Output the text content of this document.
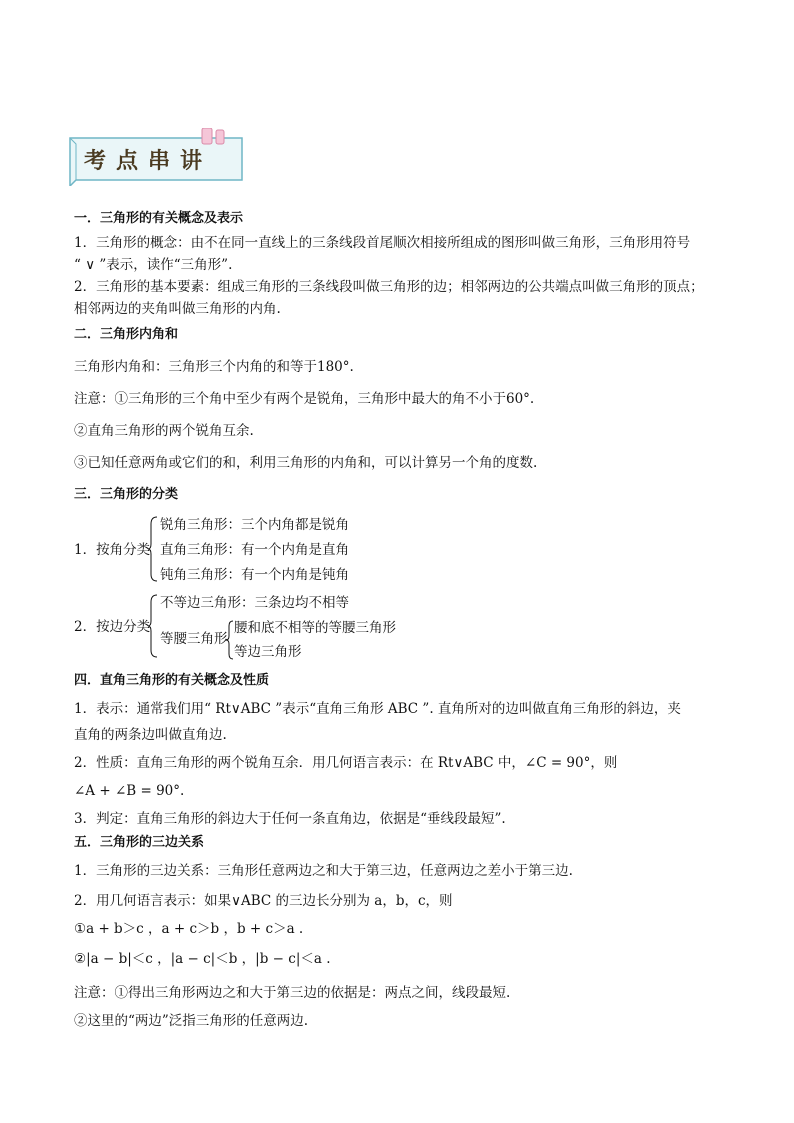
考点串讲
一．三角形的有关概念及表示
1．三角形的概念：由不在同一直线上的三条线段首尾顺次相接所组成的图形叫做三角形，三角形用符号
“ ∨ ”表示，读作“三角形”.
2．三角形的基本要素：组成三角形的三条线段叫做三角形的边；相邻两边的公共端点叫做三角形的顶点；
相邻两边的夹角叫做三角形的内角.
二．三角形内角和
三角形内角和：三角形三个内角的和等于180°.
注意：①三角形的三个角中至少有两个是锐角，三角形中最大的角不小于60°.
②直角三角形的两个锐角互余.
③已知任意两角或它们的和，利用三角形的内角和，可以计算另一个角的度数.
三．三角形的分类
1．按角分类
锐角三角形：三个内角都是锐角
直角三角形：有一个内角是直角
钝角三角形：有一个内角是钝角
2．按边分类
不等边三角形：三条边均不相等
等腰三角形
腰和底不相等的等腰三角形
等边三角形
四．直角三角形的有关概念及性质
1．表示：通常我们用“ Rt∨ABC ”表示“直角三角形 ABC ”. 直角所对的边叫做直角三角形的斜边，夹
直角的两条边叫做直角边.
2．性质：直角三角形的两个锐角互余．用几何语言表示：在 Rt∨ABC 中，∠C = 90°，则
∠A + ∠B = 90°.
3．判定：直角三角形的斜边大于任何一条直角边，依据是“垂线段最短”.
五．三角形的三边关系
1．三角形的三边关系：三角形任意两边之和大于第三边，任意两边之差小于第三边.
2．用几何语言表示：如果∨ABC 的三边长分别为 a，b，c，则
①a + b＞c ，a + c＞b ，b + c＞a .
②|a − b|＜c ，|a − c|＜b ，|b − c|＜a .
注意：①得出三角形两边之和大于第三边的依据是：两点之间，线段最短.
②这里的“两边”泛指三角形的任意两边.
